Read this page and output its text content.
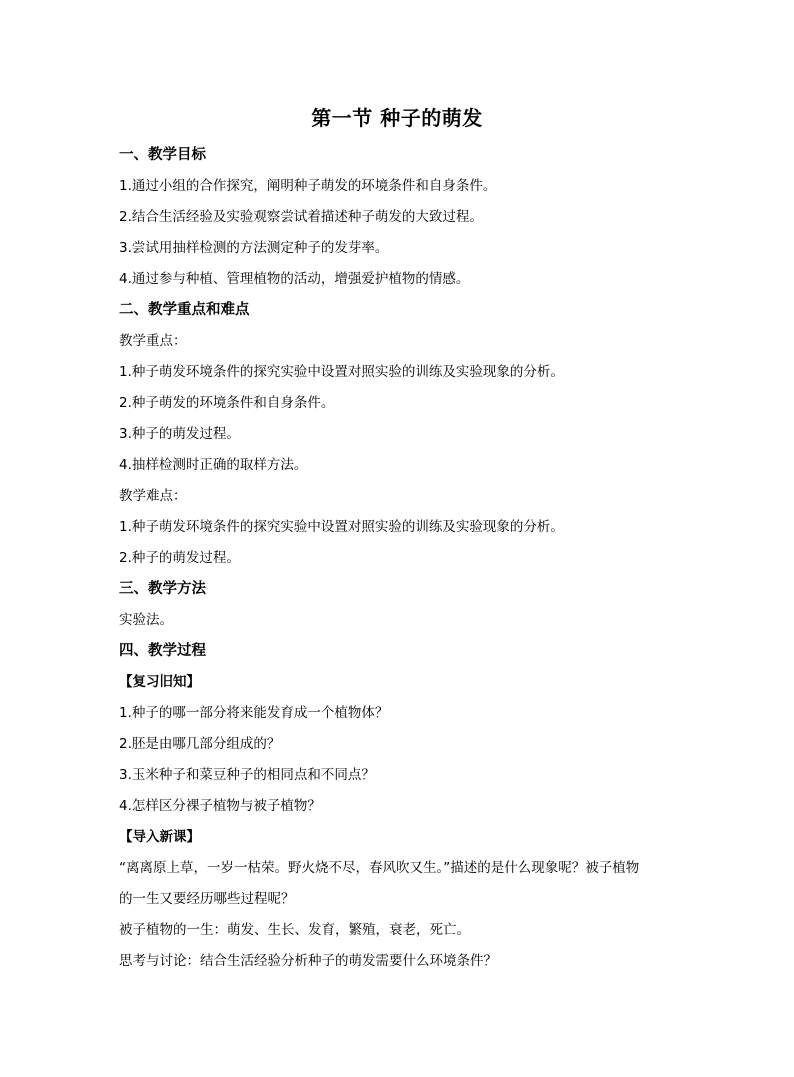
第一节 种子的萌发
一、教学目标
1.通过小组的合作探究，阐明种子萌发的环境条件和自身条件。
2.结合生活经验及实验观察尝试着描述种子萌发的大致过程。
3.尝试用抽样检测的方法测定种子的发芽率。
4.通过参与种植、管理植物的活动，增强爱护植物的情感。
二、教学重点和难点
教学重点：
1.种子萌发环境条件的探究实验中设置对照实验的训练及实验现象的分析。
2.种子萌发的环境条件和自身条件。
3.种子的萌发过程。
4.抽样检测时正确的取样方法。
教学难点：
1.种子萌发环境条件的探究实验中设置对照实验的训练及实验现象的分析。
2.种子的萌发过程。
三、教学方法
实验法。
四、教学过程
【复习旧知】
1.种子的哪一部分将来能发育成一个植物体？
2.胚是由哪几部分组成的？
3.玉米种子和菜豆种子的相同点和不同点？
4.怎样区分裸子植物与被子植物？
【导入新课】
“离离原上草，一岁一枯荣。野火烧不尽，春风吹又生。”描述的是什么现象呢？被子植物
的一生又要经历哪些过程呢？
被子植物的一生：萌发、生长、发育，繁殖，衰老，死亡。
思考与讨论：结合生活经验分析种子的萌发需要什么环境条件？
